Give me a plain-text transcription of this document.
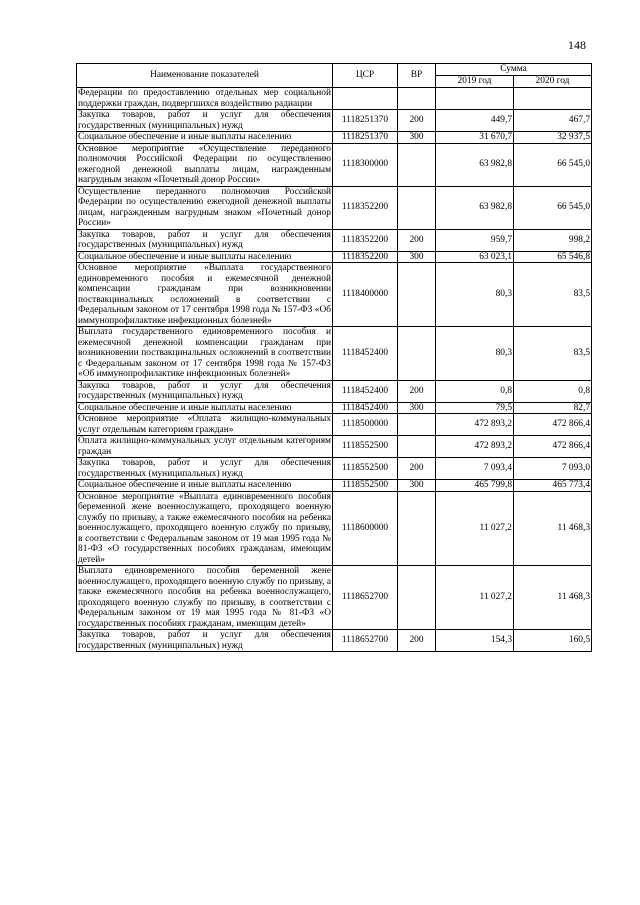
148
Наименование показателей	ЦСР	ВР	Сумма	
			2019 год	2020 год
Федерации по предоставлению отдельных мер социальной поддержки граждан, подвергшихся воздействию радиации				
Закупка товаров, работ и услуг для обеспечения государственных (муниципальных) нужд	1118251370	200	449,7	467,7
Социальное обеспечение и иные выплаты населению	1118251370	300	31 670,7	32 937,5
Основное мероприятие «Осуществление переданного полномочия Российской Федерации по осуществлению ежегодной денежной выплаты лицам, награжденным нагрудным знаком «Почетный донор России»	1118300000		63 982,8	66 545,0
Осуществление переданного полномочия Российской Федерации по осуществлению ежегодной денежной выплаты лицам, награжденным нагрудным знаком «Почетный донор России»	1118352200		63 982,8	66 545,0
Закупка товаров, работ и услуг для обеспечения государственных (муниципальных) нужд	1118352200	200	959,7	998,2
Социальное обеспечение и иные выплаты населению	1118352200	300	63 023,1	65 546,8
Основное мероприятие «Выплата государственного единовременного пособия и ежемесячной денежной компенсации гражданам при возникновении поствакцинальных осложнений в соответствии с Федеральным законом от 17 сентября 1998 года № 157-ФЗ «Об иммунопрофилактике инфекционных болезней»	1118400000		80,3	83,5
Выплата государственного единовременного пособия и ежемесячной денежной компенсации гражданам при возникновении поствакцинальных осложнений в соответствии с Федеральным законом от 17 сентября 1998 года № 157-ФЗ «Об иммунопрофилактике инфекционных болезней»	1118452400		80,3	83,5
Закупка товаров, работ и услуг для обеспечения государственных (муниципальных) нужд	1118452400	200	0,8	0,8
Социальное обеспечение и иные выплаты населению	1118452400	300	79,5	82,7
Основное мероприятие «Оплата жилищно-коммунальных услуг отдельным категориям граждан»	1118500000		472 893,2	472 866,4
Оплата жилищно-коммунальных услуг отдельным категориям граждан	1118552500		472 893,2	472 866,4
Закупка товаров, работ и услуг для обеспечения государственных (муниципальных) нужд	1118552500	200	7 093,4	7 093,0
Социальное обеспечение и иные выплаты населению	1118552500	300	465 799,8	465 773,4
Основное мероприятие «Выплата единовременного пособия беременной жене военнослужащего, проходящего военную службу по призыву, а также ежемесячного пособия на ребенка военнослужащего, проходящего военную службу по призыву, в соответствии с Федеральным законом от 19 мая 1995 года № 81-ФЗ «О государственных пособиях гражданам, имеющим детей»	1118600000		11 027,2	11 468,3
Выплата единовременного пособия беременной жене военнослужащего, проходящего военную службу по призыву, а также ежемесячного пособия на ребенка военнослужащего, проходящего военную службу по призыву, в соответствии с Федеральным законом от 19 мая 1995 года № 81-ФЗ «О государственных пособиях гражданам, имеющим детей»	1118652700		11 027,2	11 468,3
Закупка товаров, работ и услуг для обеспечения государственных (муниципальных) нужд	1118652700	200	154,3	160,5
